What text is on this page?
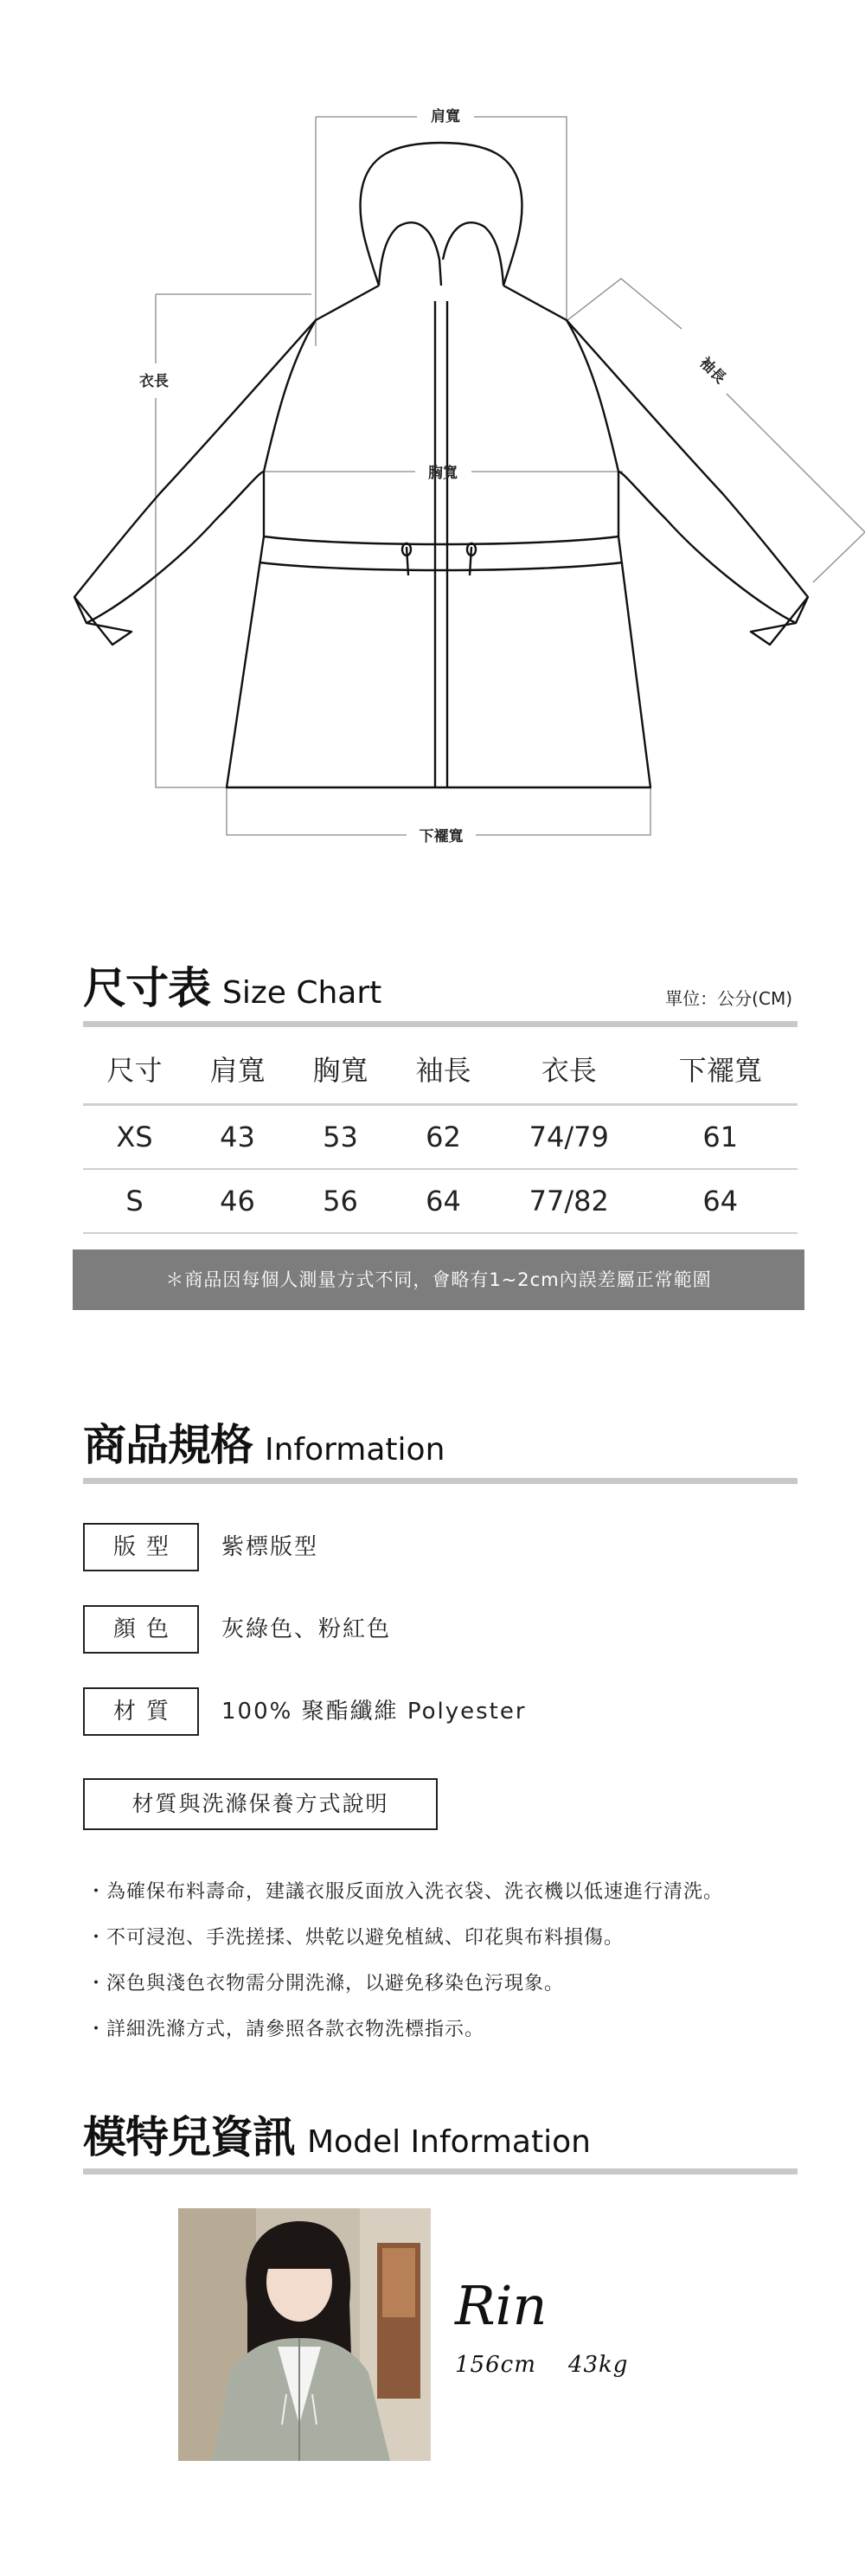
肩寬
衣長	袖長
胸寬
下襬寬
尺寸表 Size Chart	單位：公分(CM)
尺寸	肩寬	胸寬	袖長	衣長	下襬寬
XS	43	53	62	74/79	61
S	46	56	64	77/82	64
＊商品因每個人測量方式不同，會略有1~2cm內誤差屬正常範圍
商品規格 Information
版型	紫標版型
顏色	灰綠色、粉紅色
材質	100% 聚酯纖維 Polyester
材質與洗滌保養方式說明
・為確保布料壽命，建議衣服反面放入洗衣袋、洗衣機以低速進行清洗。
・不可浸泡、手洗搓揉、烘乾以避免植絨、印花與布料損傷。
・深色與淺色衣物需分開洗滌，以避免移染色污現象。
・詳細洗滌方式，請參照各款衣物洗標指示。
模特兒資訊 Model Information
Rin
156cm 43kg
